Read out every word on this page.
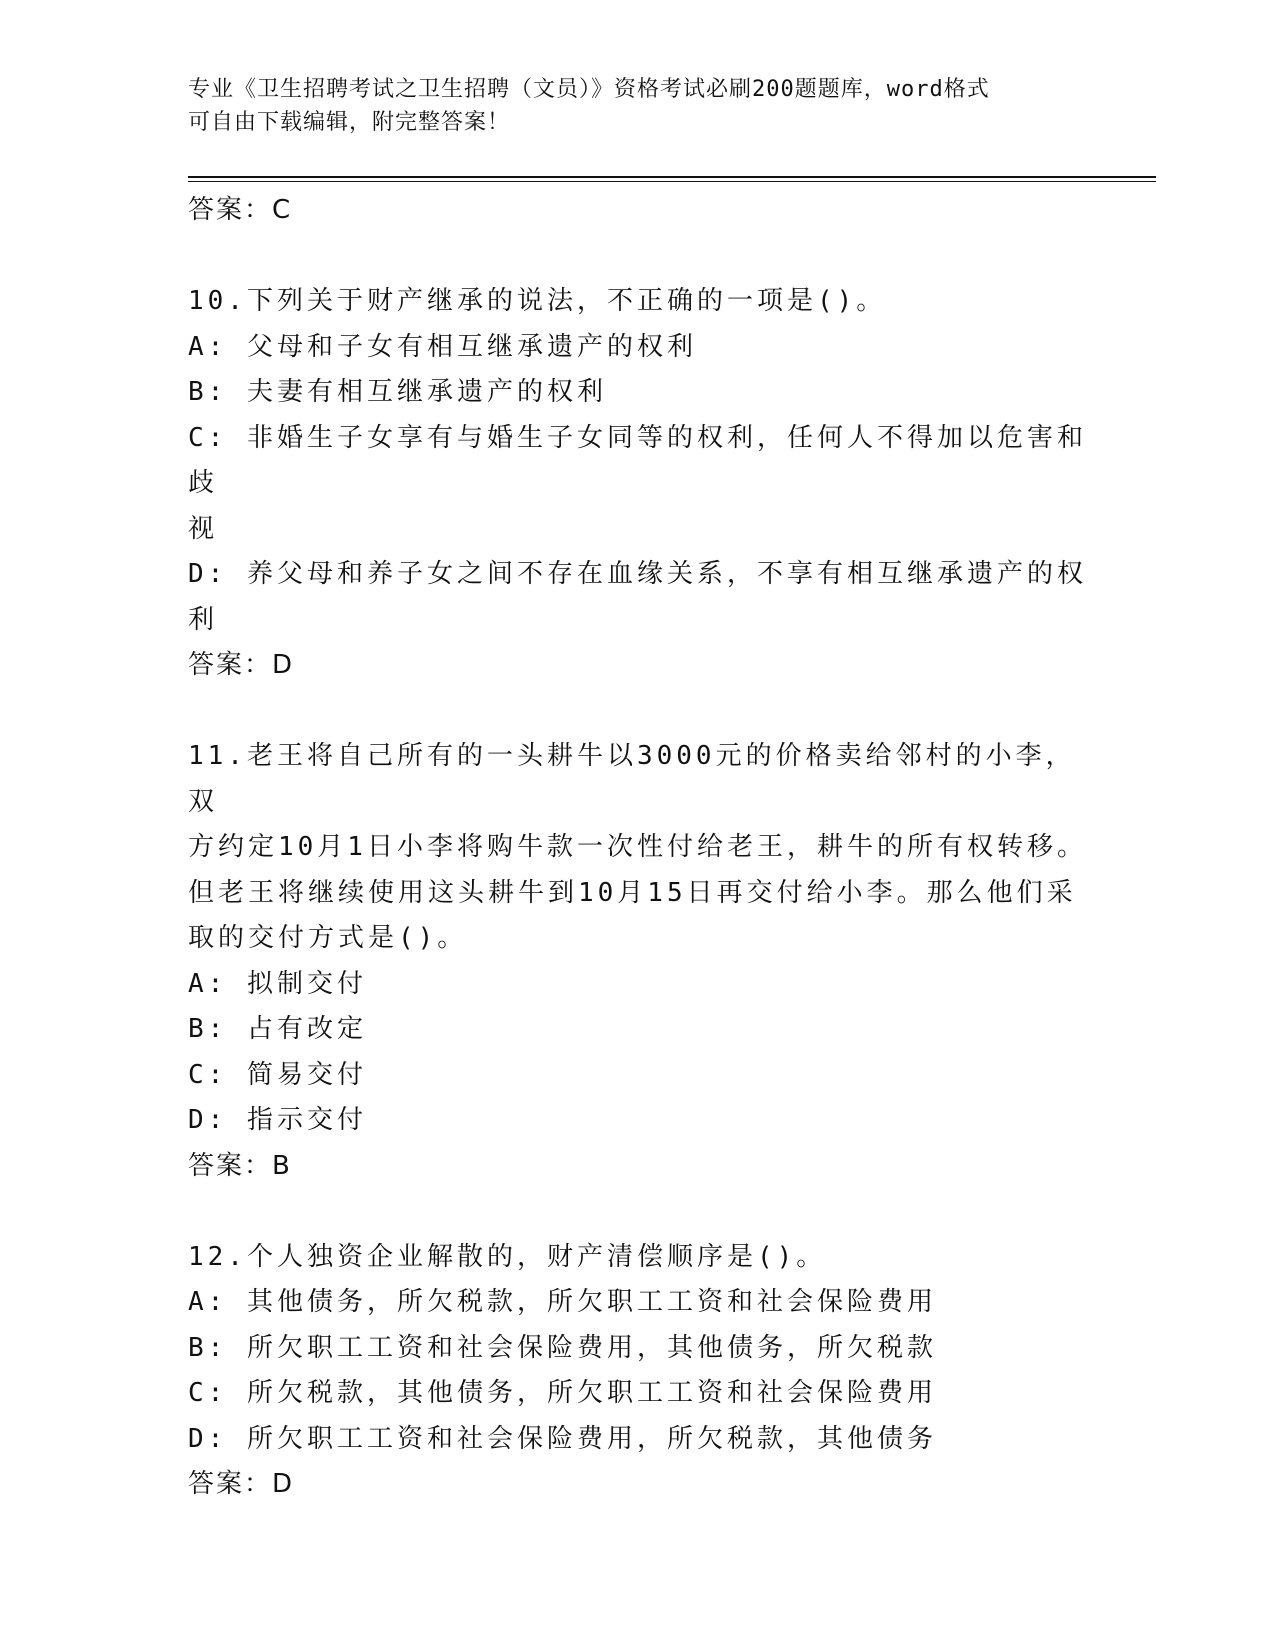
专业《卫生招聘考试之卫生招聘（文员）》资格考试必刷200题题库，word格式
可自由下载编辑，附完整答案！
答案：C
10.下列关于财产继承的说法，不正确的一项是()。
A: 父母和子女有相互继承遗产的权利
B: 夫妻有相互继承遗产的权利
C: 非婚生子女享有与婚生子女同等的权利，任何人不得加以危害和歧
视
D: 养父母和养子女之间不存在血缘关系，不享有相互继承遗产的权利
答案：D
11.老王将自己所有的一头耕牛以3000元的价格卖给邻村的小李，双
方约定10月1日小李将购牛款一次性付给老王，耕牛的所有权转移。
但老王将继续使用这头耕牛到10月15日再交付给小李。那么他们采
取的交付方式是()。
A: 拟制交付
B: 占有改定
C: 简易交付
D: 指示交付
答案：B
12.个人独资企业解散的，财产清偿顺序是()。
A: 其他债务，所欠税款，所欠职工工资和社会保险费用
B: 所欠职工工资和社会保险费用，其他债务，所欠税款
C: 所欠税款，其他债务，所欠职工工资和社会保险费用
D: 所欠职工工资和社会保险费用，所欠税款，其他债务
答案：D
